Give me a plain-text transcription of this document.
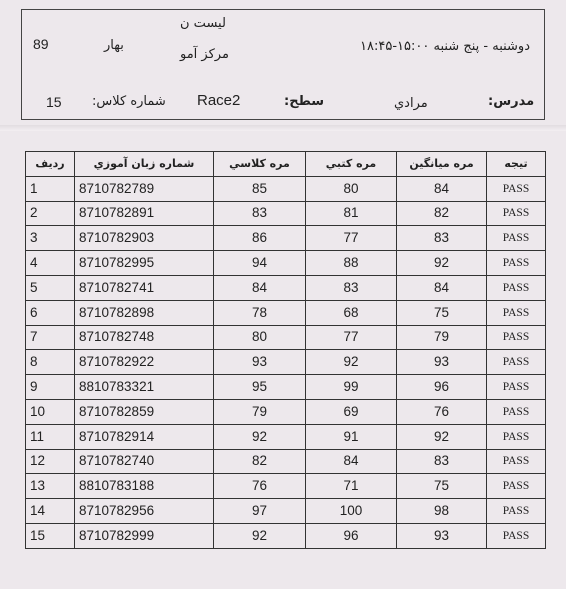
89	بهار
لیست ن
مرکز آمو
دوشنبه - پنج شنبه ۱۵:۰۰-۱۸:۴۵
15 شماره کلاس: Race2	سطح:	مرادي	مدرس:
رديف	شماره زبان آموزي	مره کلاسي	مره کتبي	مره ميانگين	تيجه
1	8710782789	85	80	84	PASS
2	8710782891	83	81	82	PASS
3	8710782903	86	77	83	PASS
4	8710782995	94	88	92	PASS
5	8710782741	84	83	84	PASS
6	8710782898	78	68	75	PASS
7	8710782748	80	77	79	PASS
8	8710782922	93	92	93	PASS
9	8810783321	95	99	96	PASS
10	8710782859	79	69	76	PASS
11	8710782914	92	91	92	PASS
12	8710782740	82	84	83	PASS
13	8810783188	76	71	75	PASS
14	8710782956	97	100	98	PASS
15	8710782999	92	96	93	PASS
